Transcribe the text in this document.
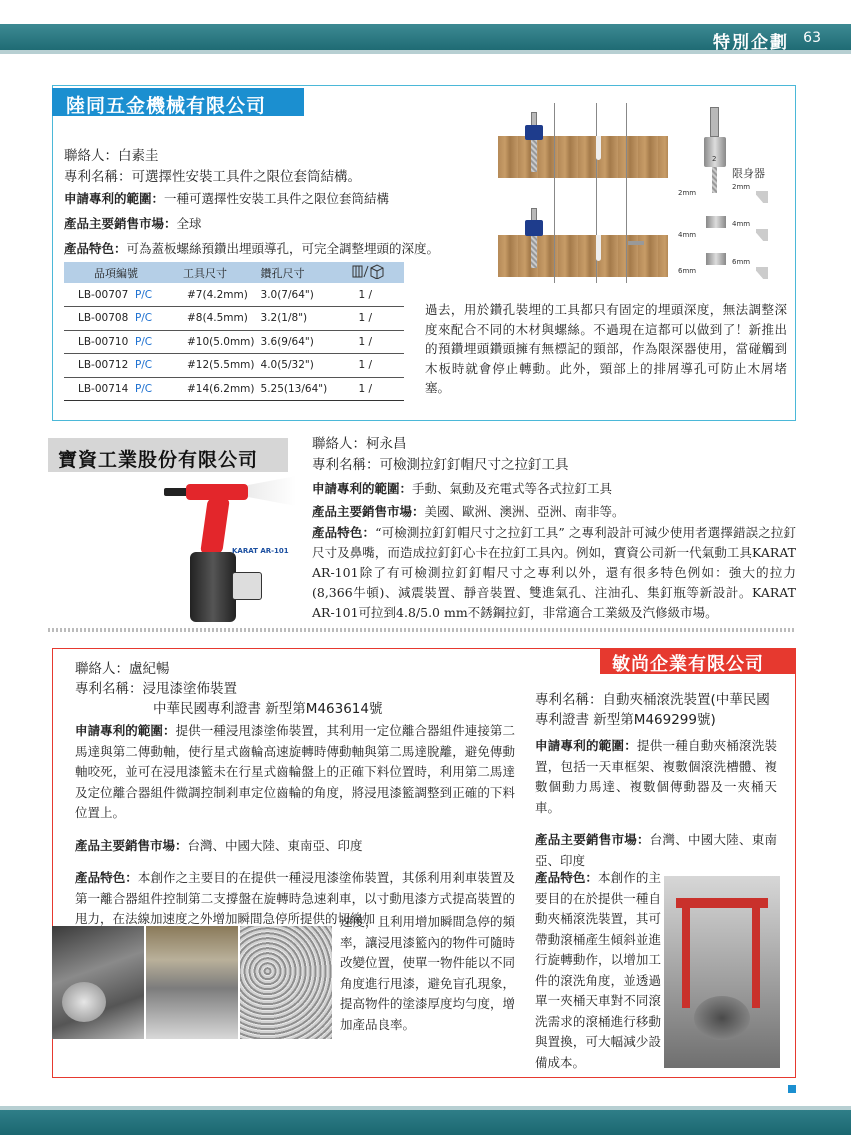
特別企劃 63
陸同五金機械有限公司
聯絡人：白素圭
專利名稱：可選擇性安裝工具件之限位套筒結構。
申請專利的範圍：一種可選擇性安裝工具件之限位套筒結構
產品主要銷售市場：全球
產品特色：可為蓋板螺絲預鑽出埋頭導孔，可完全調整埋頭的深度。
品項編號	工具尺寸	鑽孔尺寸	
LB-00707 P/C	#7(4.2mm)	3.0(7/64")	1 /
LB-00708 P/C	#8(4.5mm)	3.2(1/8")	1 /
LB-00710 P/C	#10(5.0mm)	3.6(9/64")	1 /
LB-00712 P/C	#12(5.5mm)	4.0(5/32")	1 /
LB-00714 P/C	#14(6.2mm)	5.25(13/64")	1 /
2
限身器
2mm
2mm
4mm
4mm
6mm
6mm
過去，用於鑽孔裝埋的工具都只有固定的埋頭深度，無法調整深度來配合不同的木材與螺絲。不過現在這都可以做到了！新推出的預鑽埋頭鑽頭擁有無標記的頸部，作為限深器使用，當碰觸到木板時就會停止轉動。此外，頸部上的排屑導孔可防止木屑堵塞。
寶資工業股份有限公司
KARAT AR-101
聯絡人：柯永昌
專利名稱：可檢測拉釘釘帽尺寸之拉釘工具
申請專利的範圍：手動、氣動及充電式等各式拉釘工具
產品主要銷售市場：美國、歐洲、澳洲、亞洲、南非等。
產品特色：“可檢測拉釘釘帽尺寸之拉釘工具” 之專利設計可減少使用者選擇錯誤之拉釘尺寸及鼻嘴，而造成拉釘釘心卡在拉釘工具內。例如，寶資公司新一代氣動工具KARAT AR-101除了有可檢測拉釘釘帽尺寸之專利以外，還有很多特色例如：強大的拉力(8,366牛頓)、減震裝置、靜音裝置、雙進氣孔、注油孔、集釘瓶等新設計。KARAT AR-101可拉到4.8/5.0 mm不銹鋼拉釘，非常適合工業級及汽修級市場。
敏尚企業有限公司
聯絡人：盧紀暢
專利名稱：浸甩漆塗佈裝置
中華民國專利證書 新型第M463614號
申請專利的範圍：提供一種浸甩漆塗佈裝置，其利用一定位離合器組件連接第二馬達與第二傳動軸，使行星式齒輪高速旋轉時傳動軸與第二馬達脫離，避免傳動軸咬死，並可在浸甩漆籃未在行星式齒輪盤上的正確下料位置時，利用第二馬達及定位離合器組件微調控制剎車定位齒輪的角度，將浸甩漆籃調整到正確的下料位置上。
產品主要銷售市場：台灣、中國大陸、東南亞、印度
產品特色：本創作之主要目的在提供一種浸甩漆塗佈裝置，其係利用剎車裝置及第一離合器組件控制第二支撐盤在旋轉時急速剎車，以寸動甩漆方式提高裝置的甩力，在法線加速度之外增加瞬間急停所提供的切線加
速度，且利用增加瞬間急停的頻率，讓浸甩漆籃內的物件可隨時改變位置，使單一物件能以不同角度進行甩漆，避免盲孔現象，提高物件的塗漆厚度均勻度，增加產品良率。
專利名稱：自動夾桶滾洗裝置(中華民國專利證書 新型第M469299號)
申請專利的範圍：提供一種自動夾桶滾洗裝置，包括一天車框架、複數個滾洗槽體、複數個動力馬達、複數個傳動器及一夾桶天車。
產品主要銷售市場：台灣、中國大陸、東南亞、印度
產品特色：本創作的主要目的在於提供一種自動夾桶滾洗裝置，其可帶動滾桶產生傾斜並進行旋轉動作，以增加工件的滾洗角度，並透過單一夾桶天車對不同滾洗需求的滾桶進行移動與置換，可大幅減少設備成本。
